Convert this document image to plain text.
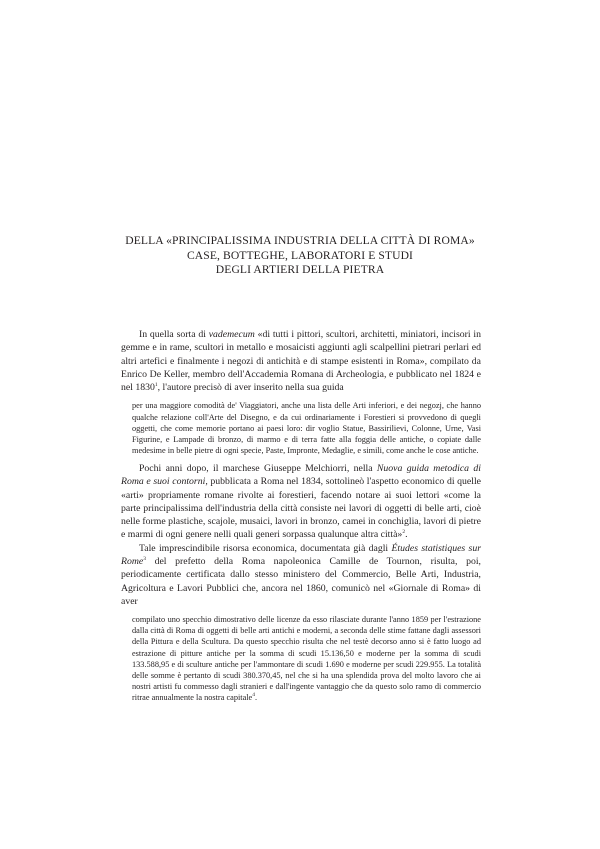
DELLA «PRINCIPALISSIMA INDUSTRIA DELLA CITTÀ DI ROMA»
CASE, BOTTEGHE, LABORATORI E STUDI
DEGLI ARTIERI DELLA PIETRA

In quella sorta di vademecum «di tutti i pittori, scultori, architetti, miniatori, incisori in gemme e in rame, scultori in metallo e mosaicisti aggiunti agli scalpellini pietrari perlari ed altri artefici e finalmente i negozi di antichità e di stampe esistenti in Roma», compilato da Enrico De Keller, membro dell'Accademia Romana di Archeologia, e pubblicato nel 1824 e nel 1830$^1$, l'autore precisò di aver inserito nella sua guida

per una maggiore comodità de' Viaggiatori, anche una lista delle Arti inferiori, e dei negozj, che hanno qualche relazione coll'Arte del Disegno, e da cui ordinariamente i Forestieri si provvedono di quegli oggetti, che come memorie portano ai paesi loro: dir voglio Statue, Bassirilievi, Colonne, Urne, Vasi Figurine, e Lampade di bronzo, di marmo e di terra fatte alla foggia delle antiche, o copiate dalle medesime in belle pietre di ogni specie, Paste, Impronte, Medaglie, e simili, come anche le cose antiche.

Pochi anni dopo, il marchese Giuseppe Melchiorri, nella Nuova guida metodica di Roma e suoi contorni, pubblicata a Roma nel 1834, sottolineò l'aspetto economico di quelle «arti» propriamente romane rivolte ai forestieri, facendo notare ai suoi lettori «come la parte principalissima dell'industria della città consiste nei lavori di oggetti di belle arti, cioè nelle forme plastiche, scajole, musaici, lavori in bronzo, camei in conchiglia, lavori di pietre e marmi di ogni genere nelli quali generi sorpassa qualunque altra città»$^2$.

Tale imprescindibile risorsa economica, documentata già dagli Études statistiques sur Rome$^3$ del prefetto della Roma napoleonica Camille de Tournon, risulta, poi, periodicamente certificata dallo stesso ministero del Commercio, Belle Arti, Industria, Agricoltura e Lavori Pubblici che, ancora nel 1860, comunicò nel «Giornale di Roma» di aver

compilato uno specchio dimostrativo delle licenze da esso rilasciate durante l'anno 1859 per l'estrazione dalla città di Roma di oggetti di belle arti antichi e moderni, a seconda delle stime fattane dagli assessori della Pittura e della Scultura. Da questo specchio risulta che nel testè decorso anno si è fatto luogo ad estrazione di pitture antiche per la somma di scudi 15.136,50 e moderne per la somma di scudi 133.588,95 e di sculture antiche per l'ammontare di scudi 1.690 e moderne per scudi 229.955. La totalità delle somme è pertanto di scudi 380.370,45, nel che si ha una splendida prova del molto lavoro che ai nostri artisti fu commesso dagli stranieri e dall'ingente vantaggio che da questo solo ramo di commercio ritrae annualmente la nostra capitale$^4$.
